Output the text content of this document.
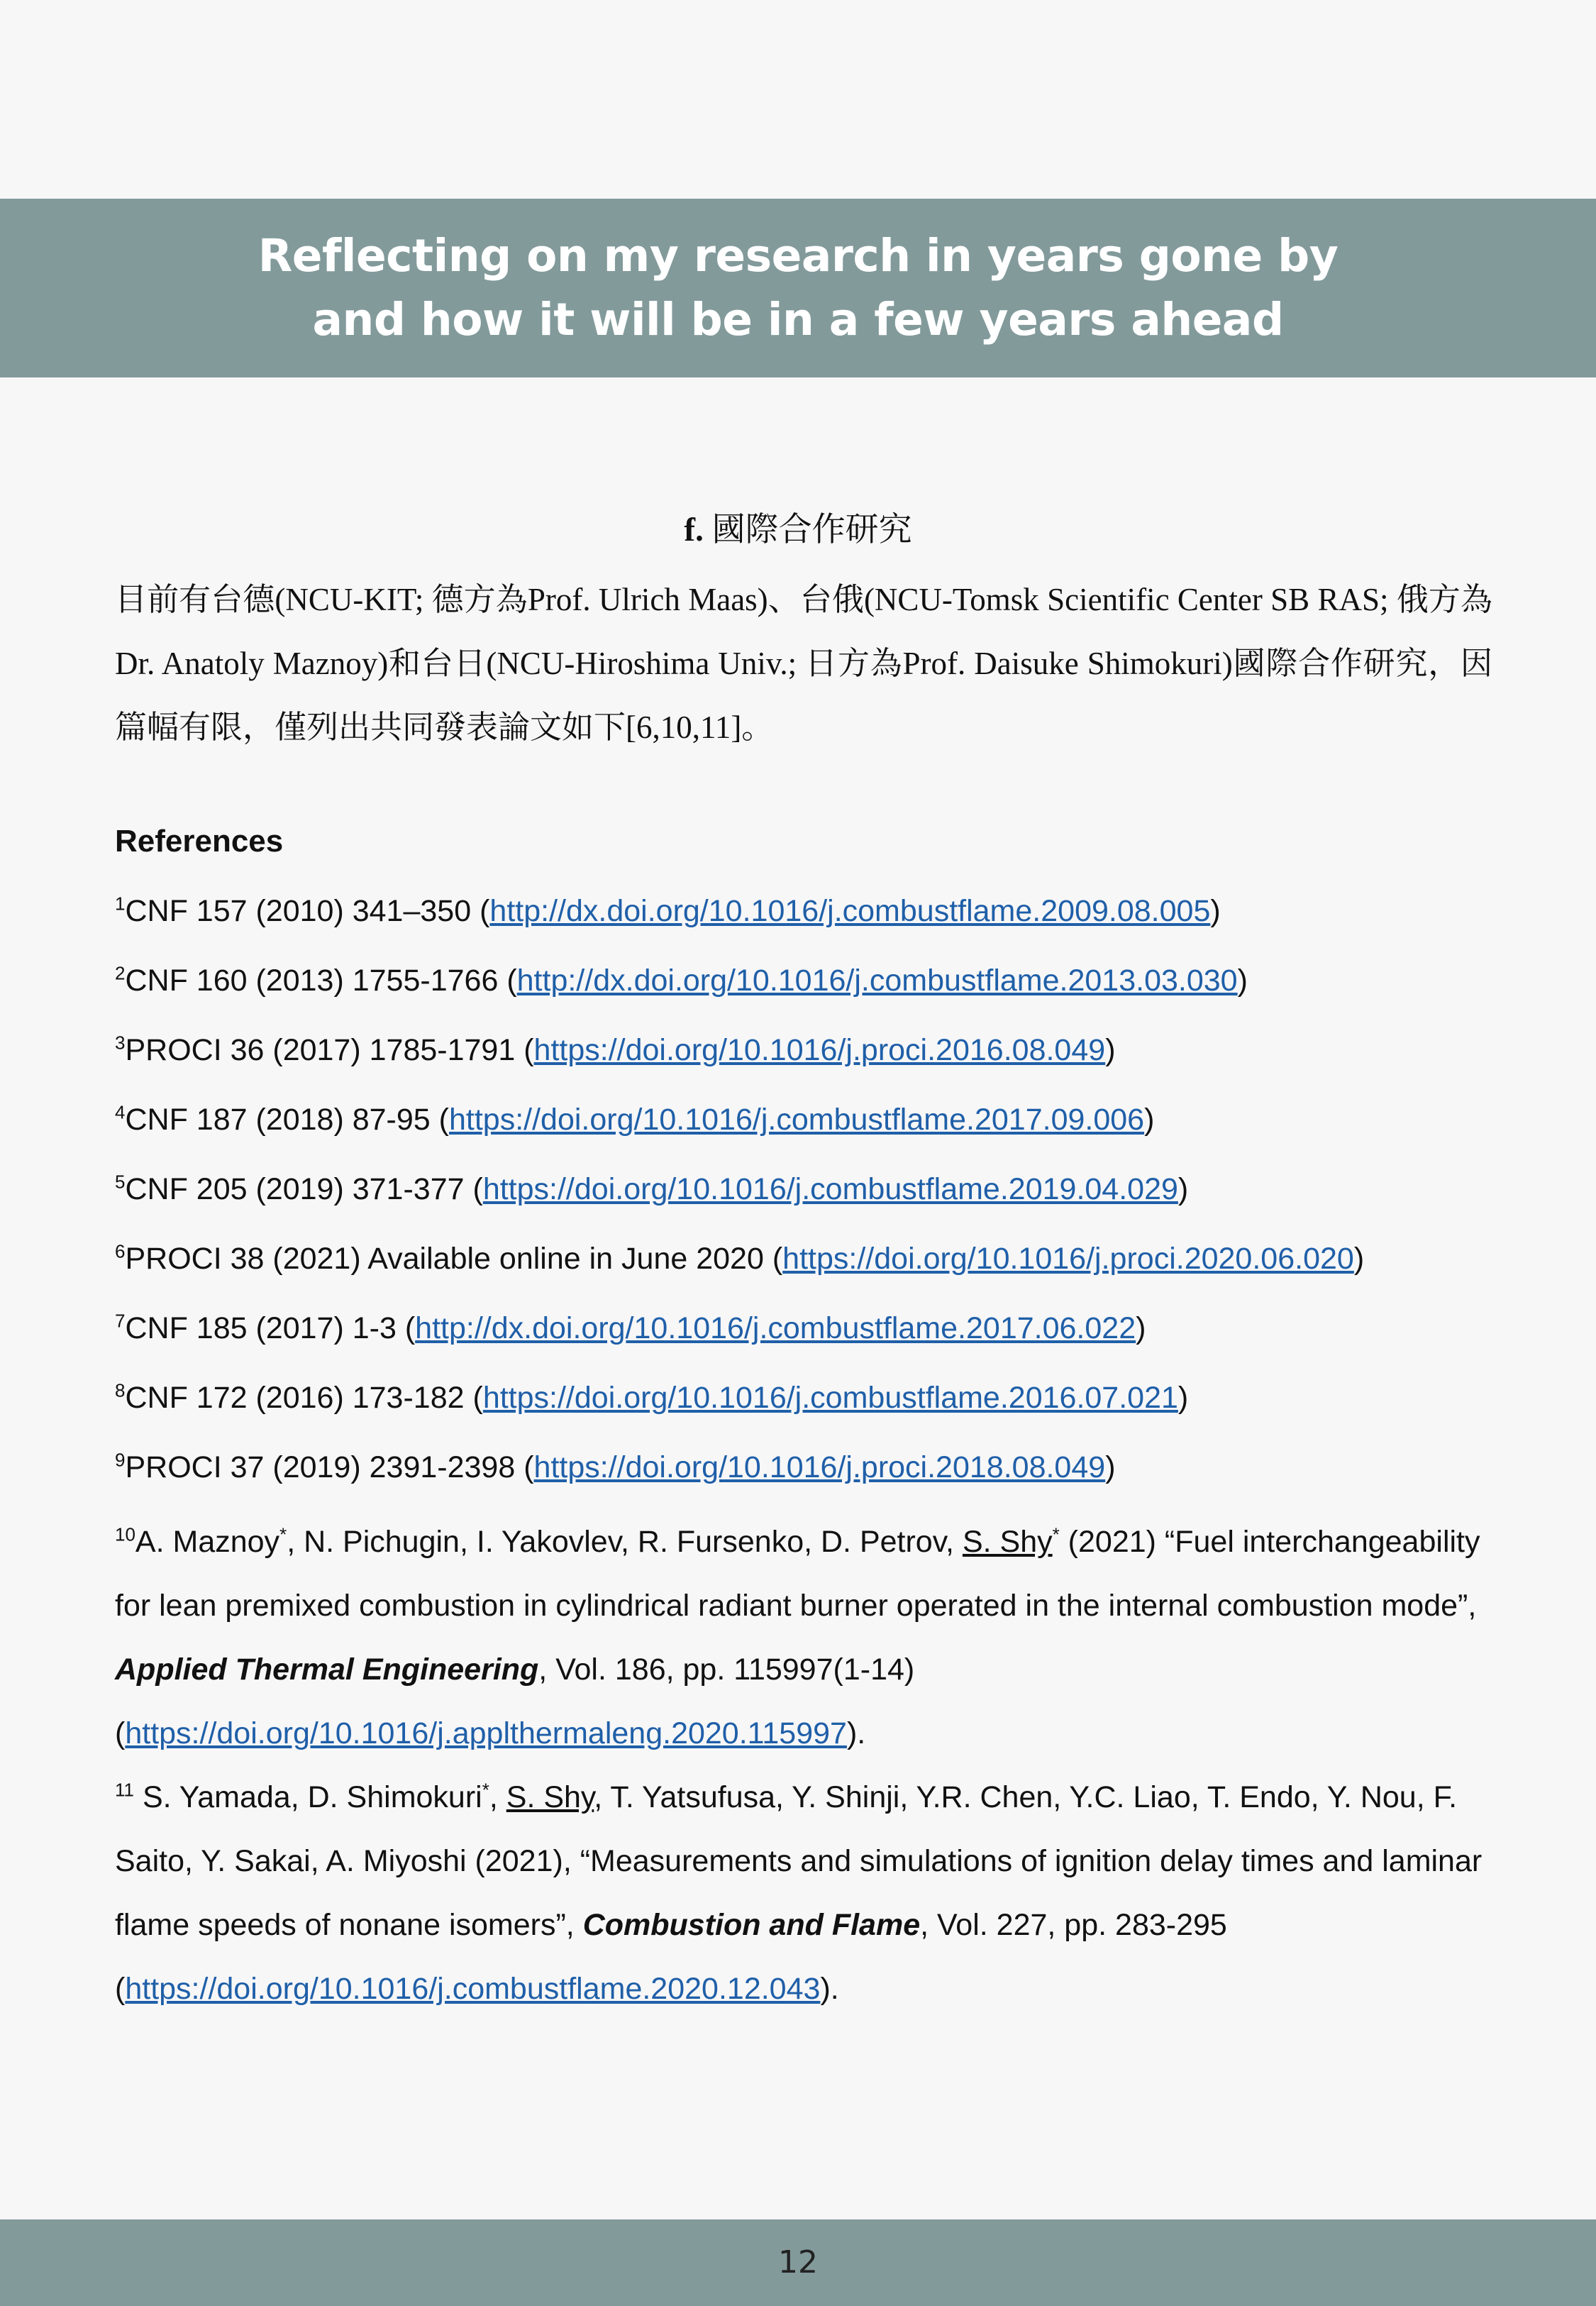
Reflecting on my research in years gone by
and how it will be in a few years ahead
f. 國際合作研究
目前有台德(NCU-KIT; 德方為Prof. Ulrich Maas)、台俄(NCU-Tomsk Scientific Center SB RAS; 俄方為Dr. Anatoly Maznoy)和台日(NCU-Hiroshima Univ.; 日方為Prof. Daisuke Shimokuri)國際合作研究，因篇幅有限，僅列出共同發表論文如下[6,10,11]。
References
$^1$CNF 157 (2010) 341–350 (http://dx.doi.org/10.1016/j.combustflame.2009.08.005)
$^2$CNF 160 (2013) 1755-1766 (http://dx.doi.org/10.1016/j.combustflame.2013.03.030)
$^3$PROCI 36 (2017) 1785-1791 (https://doi.org/10.1016/j.proci.2016.08.049)
$^4$CNF 187 (2018) 87-95 (https://doi.org/10.1016/j.combustflame.2017.09.006)
$^5$CNF 205 (2019) 371-377 (https://doi.org/10.1016/j.combustflame.2019.04.029)
$^6$PROCI 38 (2021) Available online in June 2020 (https://doi.org/10.1016/j.proci.2020.06.020)
$^7$CNF 185 (2017) 1-3 (http://dx.doi.org/10.1016/j.combustflame.2017.06.022)
$^8$CNF 172 (2016) 173-182 (https://doi.org/10.1016/j.combustflame.2016.07.021)
$^9$PROCI 37 (2019) 2391-2398 (https://doi.org/10.1016/j.proci.2018.08.049)
$^{10}$A. Maznoy*, N. Pichugin, I. Yakovlev, R. Fursenko, D. Petrov, S. Shy* (2021) “Fuel interchangeability for lean premixed combustion in cylindrical radiant burner operated in the internal combustion mode”, Applied Thermal Engineering, Vol. 186, pp. 115997(1-14) (https://doi.org/10.1016/j.applthermaleng.2020.115997).
$^{11}$ S. Yamada, D. Shimokuri*, S. Shy, T. Yatsufusa, Y. Shinji, Y.R. Chen, Y.C. Liao, T. Endo, Y. Nou, F. Saito, Y. Sakai, A. Miyoshi (2021), “Measurements and simulations of ignition delay times and laminar flame speeds of nonane isomers”, Combustion and Flame, Vol. 227, pp. 283-295 (https://doi.org/10.1016/j.combustflame.2020.12.043).
12
